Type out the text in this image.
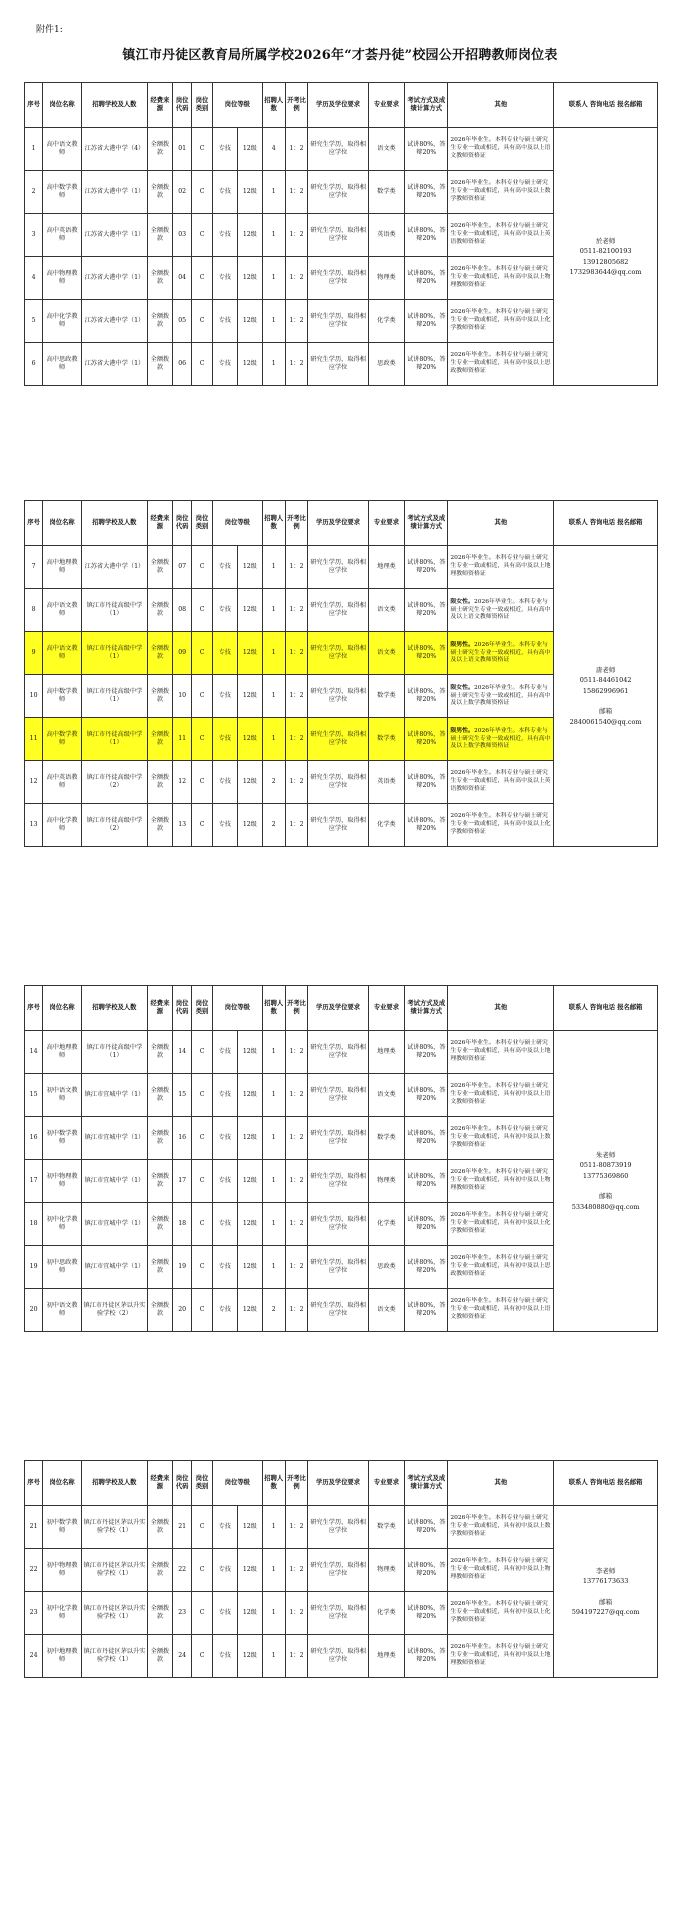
附件1:
镇江市丹徒区教育局所属学校2026年“才荟丹徒”校园公开招聘教师岗位表
序号	岗位名称	招聘学校及人数	经费来源	岗位代码	岗位类别	岗位等级		招聘人数	开考比例	学历及学位要求	专业要求	考试方式及成绩计算方式	其他	联系人 咨询电话 报名邮箱
1	高中语文教师	江苏省大港中学（4）	全额拨款	01	C	专技	12级	4	1：2	研究生学历，取得相应学位	语文类	试讲80%，答辩20%	2026年毕业生。本科专业与硕士研究生专业一致或相近，具有高中及以上语文教师资格证	於老师
0511-82100193
13912805682
1732983644@qq.com

2	高中数学教师	江苏省大港中学（1）	全额拨款	02	C	专技	12级	1	1：2	研究生学历，取得相应学位	数学类	试讲80%，答辩20%	2026年毕业生。本科专业与硕士研究生专业一致或相近，具有高中及以上数学教师资格证	
3	高中英语教师	江苏省大港中学（1）	全额拨款	03	C	专技	12级	1	1：2	研究生学历，取得相应学位	英语类	试讲80%，答辩20%	2026年毕业生。本科专业与硕士研究生专业一致或相近，具有高中及以上英语教师资格证	
4	高中物理教师	江苏省大港中学（1）	全额拨款	04	C	专技	12级	1	1：2	研究生学历，取得相应学位	物理类	试讲80%，答辩20%	2026年毕业生。本科专业与硕士研究生专业一致或相近，具有高中及以上物理教师资格证	
5	高中化学教师	江苏省大港中学（1）	全额拨款	05	C	专技	12级	1	1：2	研究生学历，取得相应学位	化学类	试讲80%，答辩20%	2026年毕业生。本科专业与硕士研究生专业一致或相近，具有高中及以上化学教师资格证	
6	高中思政教师	江苏省大港中学（1）	全额拨款	06	C	专技	12级	1	1：2	研究生学历，取得相应学位	思政类	试讲80%，答辩20%	2026年毕业生。本科专业与硕士研究生专业一致或相近，具有高中及以上思政教师资格证	
序号	岗位名称	招聘学校及人数	经费来源	岗位代码	岗位类别	岗位等级		招聘人数	开考比例	学历及学位要求	专业要求	考试方式及成绩计算方式	其他	联系人 咨询电话 报名邮箱
7	高中地理教师	江苏省大港中学（1）	全额拨款	07	C	专技	12级	1	1：2	研究生学历，取得相应学位	地理类	试讲80%，答辩20%	2026年毕业生。本科专业与硕士研究生专业一致或相近，具有高中及以上地理教师资格证	唐老师
0511-84461042
15862996961
邮箱
2840061540@qq.com

8	高中语文教师	镇江市丹徒高级中学（1）	全额拨款	08	C	专技	12级	1	1：2	研究生学历，取得相应学位	语文类	试讲80%，答辩20%	限女性。2026年毕业生。本科专业与硕士研究生专业一致或相近，具有高中及以上语文教师资格证	
9	高中语文教师	镇江市丹徒高级中学（1）	全额拨款	09	C	专技	12级	1	1：2	研究生学历，取得相应学位	语文类	试讲80%，答辩20%	限男性。2026年毕业生。本科专业与硕士研究生专业一致或相近，具有高中及以上语文教师资格证	
10	高中数学教师	镇江市丹徒高级中学（1）	全额拨款	10	C	专技	12级	1	1：2	研究生学历，取得相应学位	数学类	试讲80%，答辩20%	限女性。2026年毕业生。本科专业与硕士研究生专业一致或相近，具有高中及以上数学教师资格证	
11	高中数学教师	镇江市丹徒高级中学（1）	全额拨款	11	C	专技	12级	1	1：2	研究生学历，取得相应学位	数学类	试讲80%，答辩20%	限男性。2026年毕业生。本科专业与硕士研究生专业一致或相近，具有高中及以上数学教师资格证	
12	高中英语教师	镇江市丹徒高级中学（2）	全额拨款	12	C	专技	12级	2	1：2	研究生学历，取得相应学位	英语类	试讲80%，答辩20%	2026年毕业生。本科专业与硕士研究生专业一致或相近，具有高中及以上英语教师资格证	
13	高中化学教师	镇江市丹徒高级中学（2）	全额拨款	13	C	专技	12级	2	1：2	研究生学历，取得相应学位	化学类	试讲80%，答辩20%	2026年毕业生。本科专业与硕士研究生专业一致或相近，具有高中及以上化学教师资格证	
序号	岗位名称	招聘学校及人数	经费来源	岗位代码	岗位类别	岗位等级		招聘人数	开考比例	学历及学位要求	专业要求	考试方式及成绩计算方式	其他	联系人 咨询电话 报名邮箱
14	高中地理教师	镇江市丹徒高级中学（1）	全额拨款	14	C	专技	12级	1	1：2	研究生学历，取得相应学位	地理类	试讲80%，答辩20%	2026年毕业生。本科专业与硕士研究生专业一致或相近，具有高中及以上地理教师资格证	朱老师
0511-80873919
13775369860
邮箱
533480880@qq.com

15	初中语文教师	镇江市宜城中学（1）	全额拨款	15	C	专技	12级	1	1：2	研究生学历，取得相应学位	语文类	试讲80%，答辩20%	2026年毕业生。本科专业与硕士研究生专业一致或相近，具有初中及以上语文教师资格证	
16	初中数学教师	镇江市宜城中学（1）	全额拨款	16	C	专技	12级	1	1：2	研究生学历，取得相应学位	数学类	试讲80%，答辩20%	2026年毕业生。本科专业与硕士研究生专业一致或相近，具有初中及以上数学教师资格证	
17	初中物理教师	镇江市宜城中学（1）	全额拨款	17	C	专技	12级	1	1：2	研究生学历，取得相应学位	物理类	试讲80%，答辩20%	2026年毕业生。本科专业与硕士研究生专业一致或相近，具有初中及以上物理教师资格证	
18	初中化学教师	镇江市宜城中学（1）	全额拨款	18	C	专技	12级	1	1：2	研究生学历，取得相应学位	化学类	试讲80%，答辩20%	2026年毕业生。本科专业与硕士研究生专业一致或相近，具有初中及以上化学教师资格证	
19	初中思政教师	镇江市宜城中学（1）	全额拨款	19	C	专技	12级	1	1：2	研究生学历，取得相应学位	思政类	试讲80%，答辩20%	2026年毕业生。本科专业与硕士研究生专业一致或相近，具有初中及以上思政教师资格证	
20	初中语文教师	镇江市丹徒区茅以升实验学校（2）	全额拨款	20	C	专技	12级	2	1：2	研究生学历，取得相应学位	语文类	试讲80%，答辩20%	2026年毕业生。本科专业与硕士研究生专业一致或相近，具有初中及以上语文教师资格证	
序号	岗位名称	招聘学校及人数	经费来源	岗位代码	岗位类别	岗位等级		招聘人数	开考比例	学历及学位要求	专业要求	考试方式及成绩计算方式	其他	联系人 咨询电话 报名邮箱
21	初中数学教师	镇江市丹徒区茅以升实验学校（1）	全额拨款	21	C	专技	12级	1	1：2	研究生学历，取得相应学位	数学类	试讲80%，答辩20%	2026年毕业生。本科专业与硕士研究生专业一致或相近，具有初中及以上数学教师资格证	李老师
13776173633
邮箱
594197227@qq.com

22	初中物理教师	镇江市丹徒区茅以升实验学校（1）	全额拨款	22	C	专技	12级	1	1：2	研究生学历，取得相应学位	物理类	试讲80%，答辩20%	2026年毕业生。本科专业与硕士研究生专业一致或相近，具有初中及以上物理教师资格证	
23	初中化学教师	镇江市丹徒区茅以升实验学校（1）	全额拨款	23	C	专技	12级	1	1：2	研究生学历，取得相应学位	化学类	试讲80%，答辩20%	2026年毕业生。本科专业与硕士研究生专业一致或相近，具有初中及以上化学教师资格证	
24	初中地理教师	镇江市丹徒区茅以升实验学校（1）	全额拨款	24	C	专技	12级	1	1：2	研究生学历，取得相应学位	地理类	试讲80%，答辩20%	2026年毕业生。本科专业与硕士研究生专业一致或相近，具有初中及以上地理教师资格证	
